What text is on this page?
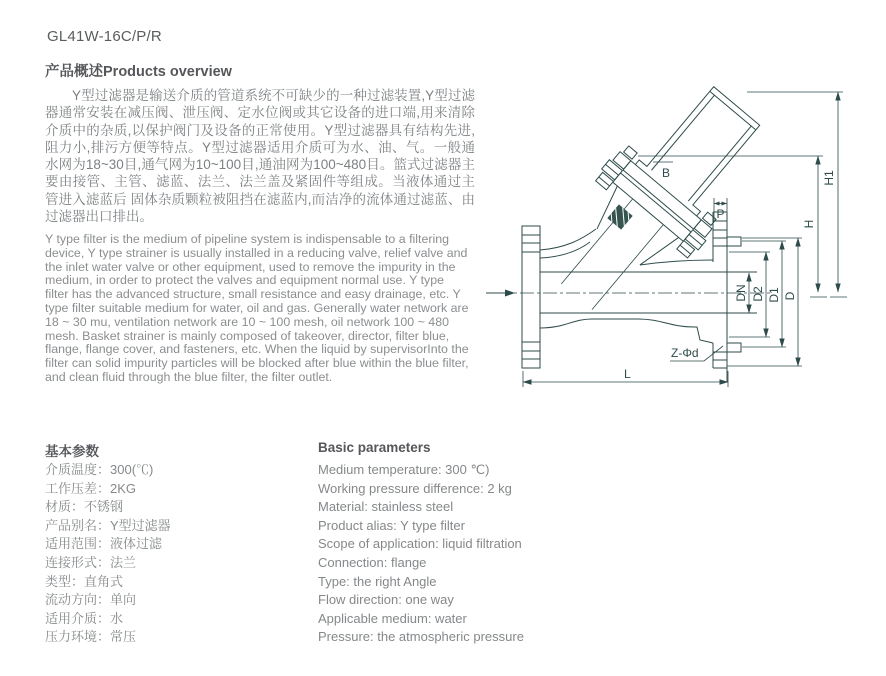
GL41W-16C/P/R
产品概述Products overview
Y型过滤器是输送介质的管道系统不可缺少的一种过滤装置,Y型过滤器通常安装在减压阀、泄压阀、定水位阀或其它设备的进口端,用来清除介质中的杂质,以保护阀门及设备的正常使用。Y型过滤器具有结构先进,阻力小,排污方便等特点。Y型过滤器适用介质可为水、油、气。一般通水网为18~30目,通气网为10~100目,通油网为100~480目。篮式过滤器主要由接管、主管、滤蓝、法兰、法兰盖及紧固件等组成。当液体通过主管进入滤蓝后 固体杂质颗粒被阻挡在滤蓝内,而洁净的流体通过滤蓝、由过滤器出口排出。
Y type filter is the medium of pipeline system is indispensable to a filtering device, Y type strainer is usually installed in a reducing valve, relief valve and the inlet water valve or other equipment, used to remove the impurity in the medium, in order to protect the valves and equipment normal use. Y type filter has the advanced structure, small resistance and easy drainage, etc. Y type filter suitable medium for water, oil and gas. Generally water network are 18 ~ 30 mu, ventilation network are 10 ~ 100 mesh, oil network 100 ~ 480 mesh. Basket strainer is mainly composed of takeover, director, filter blue, flange, flange cover, and fasteners, etc. When the liquid by supervisorInto the filter can solid impurity particles will be blocked after blue within the blue filter, and clean fluid through the blue filter, the filter outlet.
P
B
DN D2 D1 D
H
H1
Z-Φd
L
基本参数	Basic parameters
介质温度：300(℃)
工作压差：2KG
材质：不锈钢
产品别名：Y型过滤器
适用范围：液体过滤
连接形式：法兰
类型：直角式
流动方向：单向
适用介质：水
压力环境：常压
Medium temperature: 300 ℃)
Working pressure difference: 2 kg
Material: stainless steel
Product alias: Y type filter
Scope of application: liquid filtration
Connection: flange
Type: the right Angle
Flow direction: one way
Applicable medium: water
Pressure: the atmospheric pressure
